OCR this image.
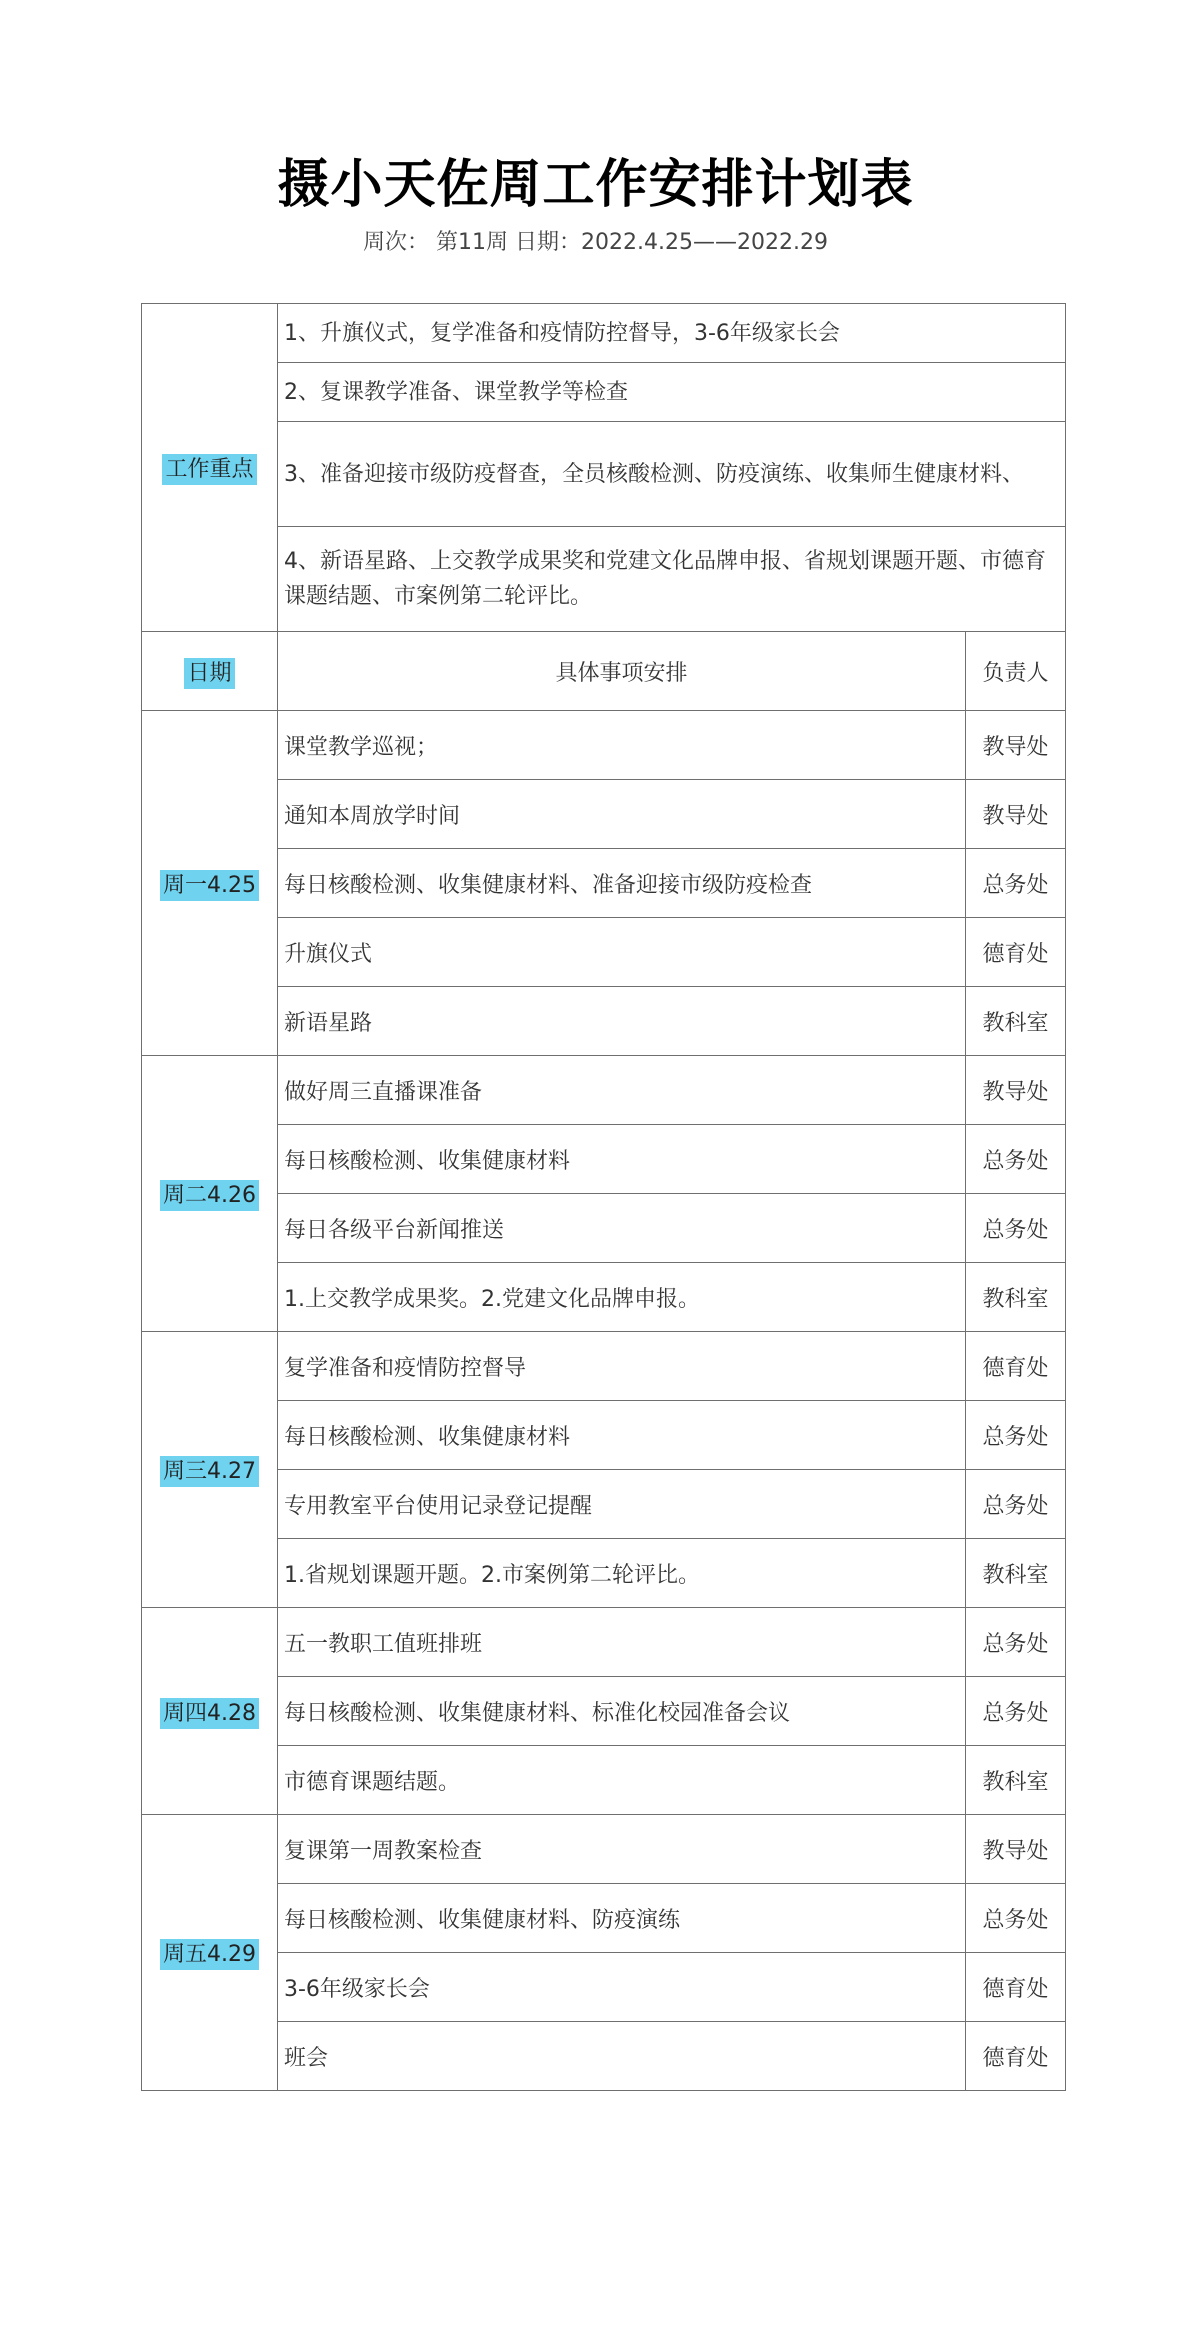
摄小天佐周工作安排计划表
周次： 第11周 日期：2022.4.25——2022.29
工作重点	1、升旗仪式，复学准备和疫情防控督导，3-6年级家长会	
	2、复课教学准备、课堂教学等检查	
	3、准备迎接市级防疫督查，全员核酸检测、防疫演练、收集师生健康材料、	
	4、新语星路、上交教学成果奖和党建文化品牌申报、省规划课题开题、市德育课题结题、市案例第二轮评比。	
日期	具体事项安排	负责人
周一4.25	课堂教学巡视；	教导处
	通知本周放学时间	教导处
	每日核酸检测、收集健康材料、准备迎接市级防疫检查	总务处
	升旗仪式	德育处
	新语星路	教科室
周二4.26	做好周三直播课准备	教导处
	每日核酸检测、收集健康材料	总务处
	每日各级平台新闻推送	总务处
	1.上交教学成果奖。2.党建文化品牌申报。	教科室
周三4.27	复学准备和疫情防控督导	德育处
	每日核酸检测、收集健康材料	总务处
	专用教室平台使用记录登记提醒	总务处
	1.省规划课题开题。2.市案例第二轮评比。	教科室
周四4.28	五一教职工值班排班	总务处
	每日核酸检测、收集健康材料、标准化校园准备会议	总务处
	市德育课题结题。	教科室
周五4.29	复课第一周教案检查	教导处
	每日核酸检测、收集健康材料、防疫演练	总务处
	3-6年级家长会	德育处
	班会	德育处
